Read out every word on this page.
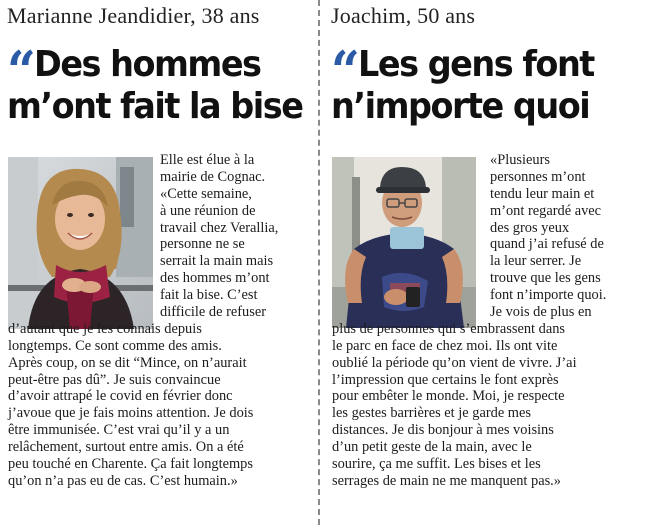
Marianne Jeandidier, 38 ans
“ Des hommes
m’ont fait la bise
Elle est élue à la
mairie de Cognac.
«Cette semaine,
à une réunion de
travail chez Verallia,
personne ne se
serrait la main mais
des hommes m’ont
fait la bise. C’est
difficile de refuser
d’autant que je les connais depuis
longtemps. Ce sont comme des amis.
Après coup, on se dit “Mince, on n’aurait
peut-être pas dû”. Je suis convaincue
d’avoir attrapé le covid en février donc
j’avoue que je fais moins attention. Je dois
être immunisée. C’est vrai qu’il y a un
relâchement, surtout entre amis. On a été
peu touché en Charente. Ça fait longtemps
qu’on n’a pas eu de cas. C’est humain.»
Joachim, 50 ans
“ Les gens font
n’importe quoi
«Plusieurs
personnes m’ont
tendu leur main et
m’ont regardé avec
des gros yeux
quand j’ai refusé de
la leur serrer. Je
trouve que les gens
font n’importe quoi.
Je vois de plus en
plus de personnes qui s’embrassent dans
le parc en face de chez moi. Ils ont vite
oublié la période qu’on vient de vivre. J’ai
l’impression que certains le font exprès
pour embêter le monde. Moi, je respecte
les gestes barrières et je garde mes
distances. Je dis bonjour à mes voisins
d’un petit geste de la main, avec le
sourire, ça me suffit. Les bises et les
serrages de main ne me manquent pas.»
